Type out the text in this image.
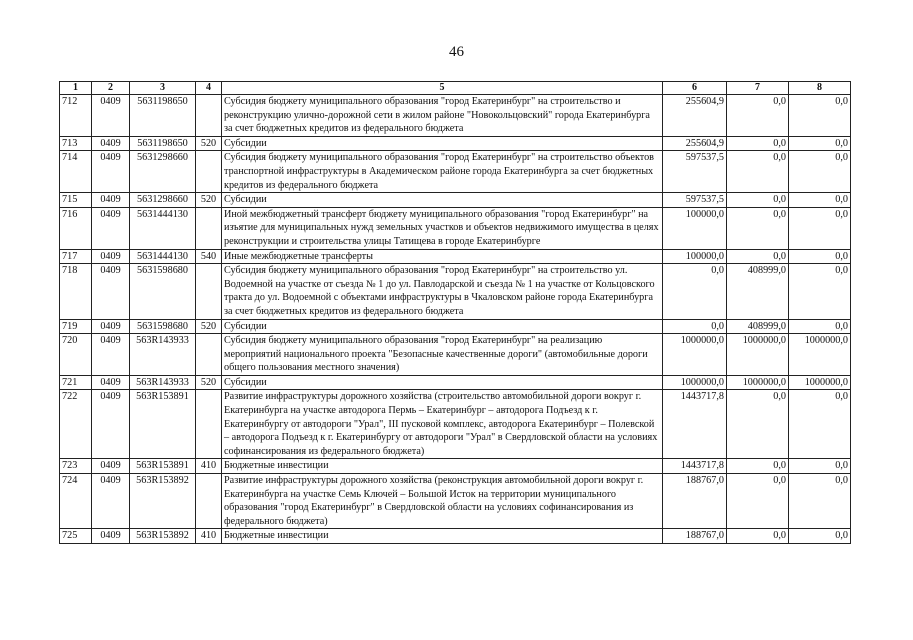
46
1	2	3	4	5	6	7	8
712	0409	5631198650		Субсидия бюджету муниципального образования "город Екатеринбург" на строительство и реконструкцию улично-дорожной сети в жилом районе "Новокольцовский" города Екатеринбурга за счет бюджетных кредитов из федерального бюджета	255604,9	0,0	0,0
713	0409	5631198650	520	Субсидии	255604,9	0,0	0,0
714	0409	5631298660		Субсидия бюджету муниципального образования "город Екатеринбург" на строительство объектов транспортной инфраструктуры в Академическом районе города Екатеринбурга за счет бюджетных кредитов из федерального бюджета	597537,5	0,0	0,0
715	0409	5631298660	520	Субсидии	597537,5	0,0	0,0
716	0409	5631444130		Иной межбюджетный трансферт бюджету муниципального образования "город Екатеринбург" на изъятие для муниципальных нужд земельных участков и объектов недвижимого имущества в целях реконструкции и строительства улицы Татищева в городе Екатеринбурге	100000,0	0,0	0,0
717	0409	5631444130	540	Иные межбюджетные трансферты	100000,0	0,0	0,0
718	0409	5631598680		Субсидия бюджету муниципального образования "город Екатеринбург" на строительство ул. Водоемной на участке от съезда № 1 до ул. Павлодарской и съезда № 1 на участке от Кольцовского тракта до ул. Водоемной с объектами инфраструктуры в Чкаловском районе города Екатеринбурга за счет бюджетных кредитов из федерального бюджета	0,0	408999,0	0,0
719	0409	5631598680	520	Субсидии	0,0	408999,0	0,0
720	0409	563R143933		Субсидия бюджету муниципального образования "город Екатеринбург" на реализацию мероприятий национального проекта "Безопасные качественные дороги" (автомобильные дороги общего пользования местного значения)	1000000,0	1000000,0	1000000,0
721	0409	563R143933	520	Субсидии	1000000,0	1000000,0	1000000,0
722	0409	563R153891		Развитие инфраструктуры дорожного хозяйства (строительство автомобильной дороги вокруг г. Екатеринбурга на участке автодорога Пермь – Екатеринбург – автодорога Подъезд к г. Екатеринбургу от автодороги "Урал", III пусковой комплекс, автодорога Екатеринбург – Полевской – автодорога Подъезд к г. Екатеринбургу от автодороги "Урал" в Свердловской области на условиях софинансирования из федерального бюджета)	1443717,8	0,0	0,0
723	0409	563R153891	410	Бюджетные инвестиции	1443717,8	0,0	0,0
724	0409	563R153892		Развитие инфраструктуры дорожного хозяйства (реконструкция автомобильной дороги вокруг г. Екатеринбурга на участке Семь Ключей – Большой Исток на территории муниципального образования "город Екатеринбург" в Свердловской области на условиях софинансирования из федерального бюджета)	188767,0	0,0	0,0
725	0409	563R153892	410	Бюджетные инвестиции	188767,0	0,0	0,0
